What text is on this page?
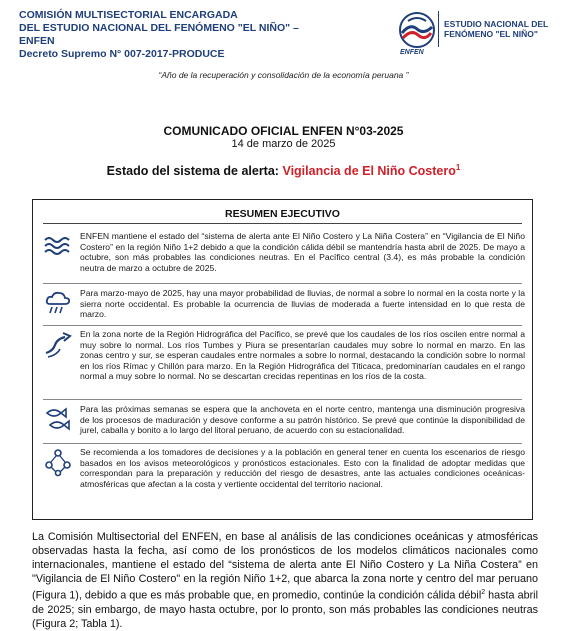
COMISIÓN MULTISECTORIAL ENCARGADA
DEL ESTUDIO NACIONAL DEL FENÓMENO "EL NIÑO" –
ENFEN
Decreto Supremo N° 007-2017-PRODUCE
ESTUDIO NACIONAL DEL
FENÓMENO "EL NIÑO"
ENFEN
“Año de la recuperación y consolidación de la economía peruana ”
COMUNICADO OFICIAL ENFEN N°03-2025
14 de marzo de 2025
Estado del sistema de alerta: Vigilancia de El Niño Costero$^1$
RESUMEN EJECUTIVO
ENFEN mantiene el estado del “sistema de alerta ante El Niño Costero y La Niña Costera” en “Vigilancia de El Niño Costero” en la región Niño 1+2 debido a que la condición cálida débil se mantendría hasta abril de 2025. De mayo a octubre, son más probables las condiciones neutras. En el Pacífico central (3.4), es más probable la condición neutra de marzo a octubre de 2025.
Para marzo-mayo de 2025, hay una mayor probabilidad de lluvias, de normal a sobre lo normal en la costa norte y la sierra norte occidental. Es probable la ocurrencia de lluvias de moderada a fuerte intensidad en lo que resta de marzo.
En la zona norte de la Región Hidrográfica del Pacífico, se prevé que los caudales de los ríos oscilen entre normal a muy sobre lo normal. Los ríos Tumbes y Piura se presentarían caudales muy sobre lo normal en marzo. En las zonas centro y sur, se esperan caudales entre normales a sobre lo normal, destacando la condición sobre lo normal en los ríos Rímac y Chillón para marzo. En la Región Hidrográfica del Titicaca, predominarían caudales en el rango normal a muy sobre lo normal. No se descartan crecidas repentinas en los ríos de la costa.
Para las próximas semanas se espera que la anchoveta en el norte centro, mantenga una disminución progresiva de los procesos de maduración y desove conforme a su patrón histórico. Se prevé que continúe la disponibilidad de jurel, caballa y bonito a lo largo del litoral peruano, de acuerdo con su estacionalidad.
Se recomienda a los tomadores de decisiones y a la población en general tener en cuenta los escenarios de riesgo basados en los avisos meteorológicos y pronósticos estacionales. Esto con la finalidad de adoptar medidas que correspondan para la preparación y reducción del riesgo de desastres, ante las actuales condiciones oceánicas-atmosféricas que afectan a la costa y vertiente occidental del territorio nacional.
La Comisión Multisectorial del ENFEN, en base al análisis de las condiciones oceánicas y atmosféricas observadas hasta la fecha, así como de los pronósticos de los modelos climáticos nacionales como internacionales, mantiene el estado del “sistema de alerta ante El Niño Costero y La Niña Costera” en "Vigilancia de El Niño Costero" en la región Niño 1+2, que abarca la zona norte y centro del mar peruano (Figura 1), debido a que es más probable que, en promedio, continúe la condición cálida débil$^2$ hasta abril de 2025; sin embargo, de mayo hasta octubre, por lo pronto, son más probables las condiciones neutras (Figura 2; Tabla 1).
